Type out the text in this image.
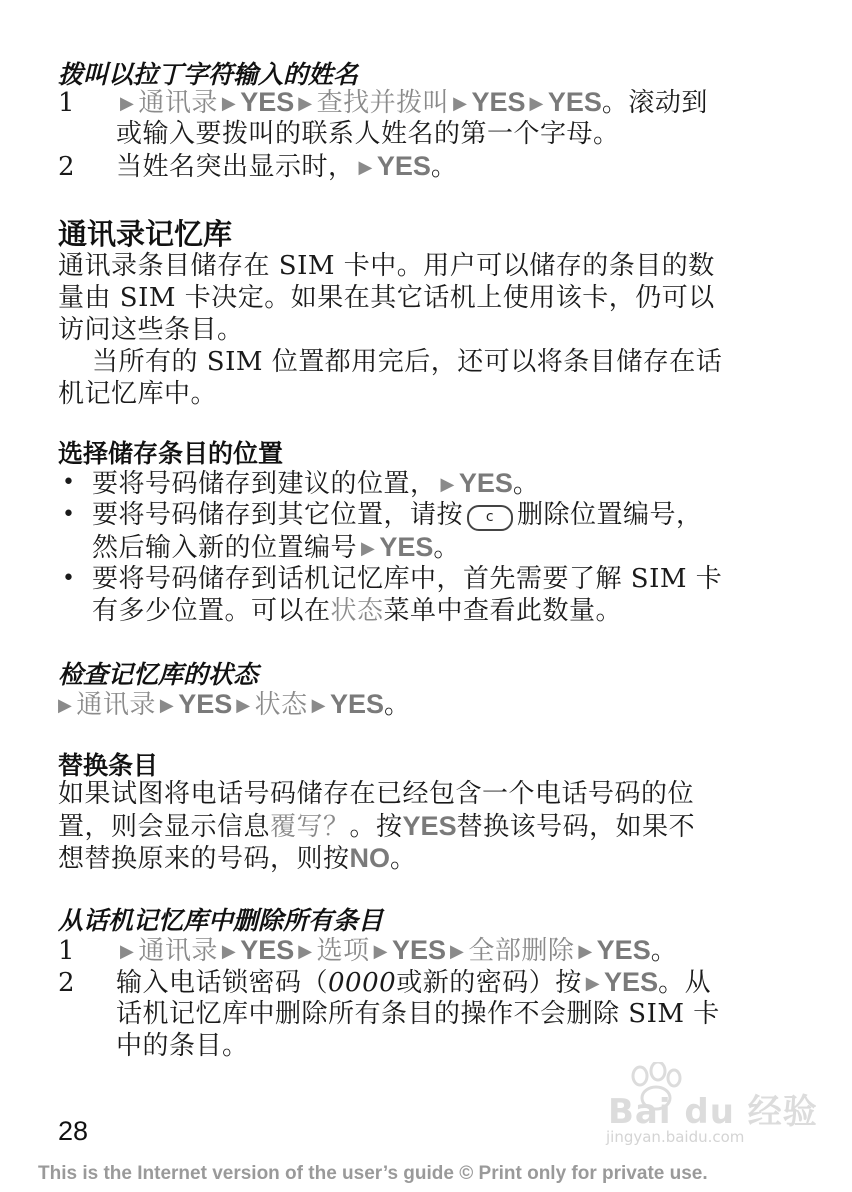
拨叫以拉丁字符输入的姓名
1	▶ 通讯录 ▶ YES ▶ 查找并拨叫 ▶ YES ▶ YES。滚动到
或输入要拨叫的联系人姓名的第一个字母。
2 当姓名突出显示时， ▶ YES。
通讯录记忆库
通讯录条目储存在 SIM 卡中。用户可以储存的条目的数
量由 SIM 卡决定。如果在其它话机上使用该卡，仍可以
访问这些条目。
当所有的 SIM 位置都用完后，还可以将条目储存在话
机记忆库中。
选择储存条目的位置
• 要将号码储存到建议的位置， ▶ YES。
• 要将号码储存到其它位置，请按 c 删除位置编号，
然后输入新的位置编号 ▶ YES。
• 要将号码储存到话机记忆库中，首先需要了解 SIM 卡
有多少位置。可以在状态菜单中查看此数量。
检查记忆库的状态
▶ 通讯录 ▶ YES ▶ 状态 ▶ YES。
替换条目
如果试图将电话号码储存在已经包含一个电话号码的位
置，则会显示信息覆写？。按YES替换该号码，如果不
想替换原来的号码，则按NO。
从话机记忆库中删除所有条目
1	▶ 通讯录 ▶ YES ▶ 选项 ▶ YES ▶ 全部删除 ▶ YES。
2 输入电话锁密码（0000或新的密码）按 ▶ YES。从
话机记忆库中删除所有条目的操作不会删除 SIM 卡
中的条目。
Bai du 经验
jingyan.baidu.com
28
This is the Internet version of the user’s guide © Print only for private use.
